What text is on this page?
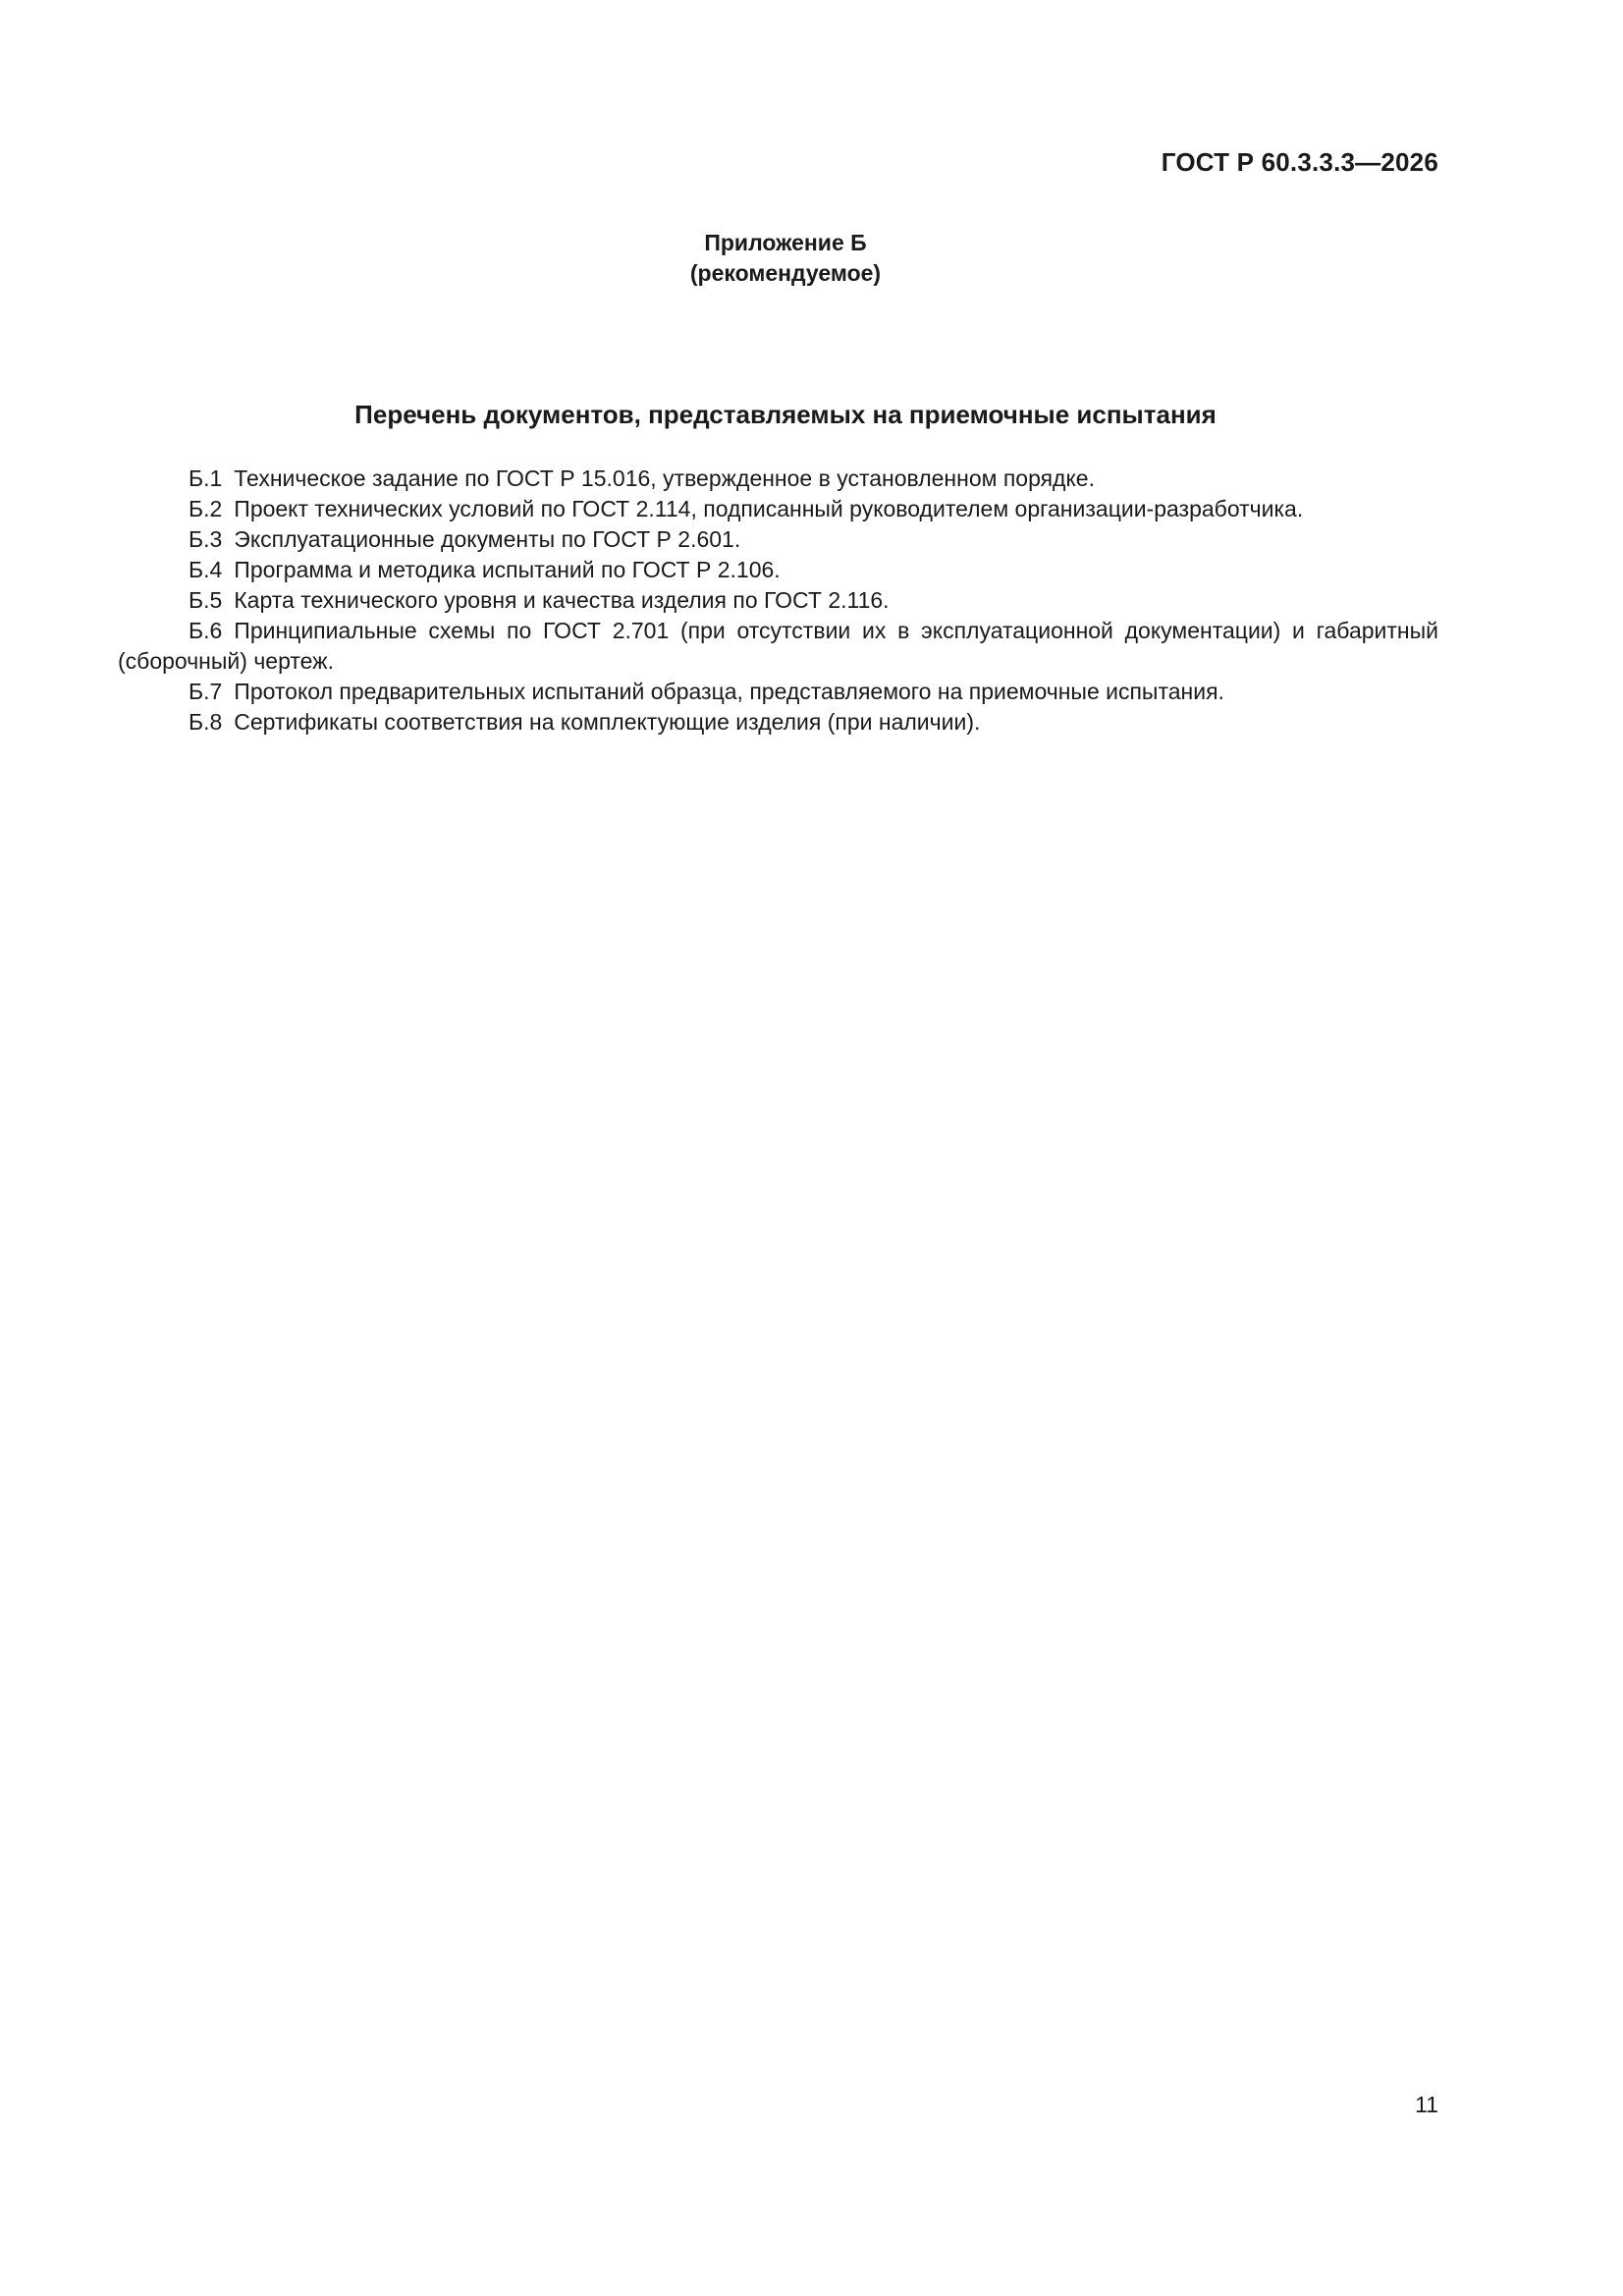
ГОСТ Р 60.3.3.3—2026
Приложение Б
(рекомендуемое)
Перечень документов, представляемых на приемочные испытания

Б.1 Техническое задание по ГОСТ Р 15.016, утвержденное в установленном порядке.

Б.2 Проект технических условий по ГОСТ 2.114, подписанный руководителем организации-разработчика.

Б.3 Эксплуатационные документы по ГОСТ Р 2.601.

Б.4 Программа и методика испытаний по ГОСТ Р 2.106.

Б.5 Карта технического уровня и качества изделия по ГОСТ 2.116.

Б.6 Принципиальные схемы по ГОСТ 2.701 (при отсутствии их в эксплуатационной документации) и габаритный (сборочный) чертеж.

Б.7 Протокол предварительных испытаний образца, представляемого на приемочные испытания.

Б.8 Сертификаты соответствия на комплектующие изделия (при наличии).

11
